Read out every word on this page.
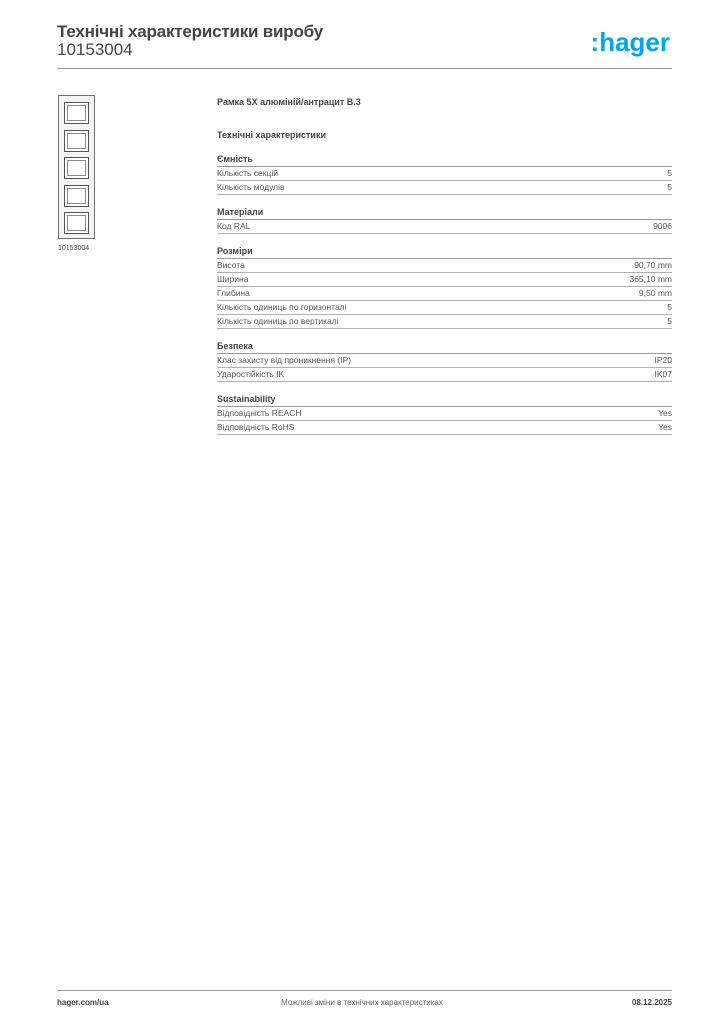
Технічні характеристики виробу
10153004	:hager
10153004
Рамка 5X алюміній/антрацит B.3
Технічні характеристики
Ємність
Кількість секцій	5
Кількість модулів	5
Матеріали
Код RAL	9006
Розміри
Висота	90,70 mm
Ширина	365,10 mm
Глибина	9,50 mm
Кількість одиниць по горизонталі	5
Кількість одиниць по вертикалі	5
Безпека
Клас захисту від проникнення (IP)	IP20
Ударостійкість IK	IK07
Sustainability
Відповідність REACH	Yes
Відповідність RoHS	Yes
hager.com/ua	Можливі зміни в технічних характеристиках	08.12.2025
